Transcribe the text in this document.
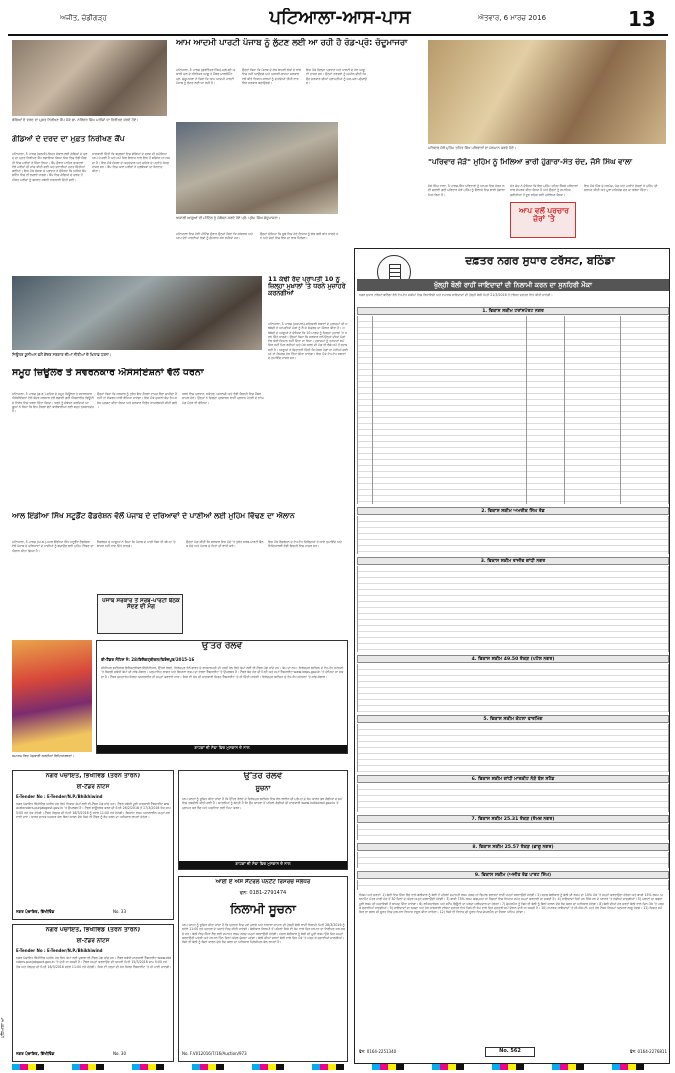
ਅਜੀਤ, ਚੰਡੀਗੜ੍ਹ	ਪਟਿਆਲਾ-ਆਸ-ਪਾਸ	ਐਤਵਾਰ, 6 ਮਾਰਚ 2016	13
ਗੋਡਿਆਂ ਦੇ ਦਰਦ ਦਾ ਮੁਫ਼ਤ ਨਿਰੀਖਣ ਕੈਂਪ ਮੌਕੇ ਡਾ. ਨਰਿੰਦਰ ਸਿੰਘ ਮਰੀਜ਼ਾਂ ਦਾ ਨਿਰੀਖਣ ਕਰਦੇ ਹੋਏ।
ਗੋਡਿਆਂ ਦੇ ਦਰਦ ਦਾ ਮੁਫ਼ਤ ਨਿਰੀਖਣ ਕੈਂਪ
ਪਟਿਆਲਾ, 5 ਮਾਰਚ (ਕਲਸੀ)-ਸਿਹਤ ਸੰਭਾਲ ਲਈ ਗੋਡਿਆਂ ਦੇ ਦਰਦ ਦਾ ਮੁਫ਼ਤ ਨਿਰੀਖਣ ਕੈਂਪ ਲਗਾਇਆ ਗਿਆ ਜਿਸ ਵਿਚ ਵੱਡੀ ਗਿਣਤੀ ਵਿਚ ਮਰੀਜ਼ਾਂ ਨੇ ਹਿੱਸਾ ਲਿਆ। ਕੈਂਪ ਦੌਰਾਨ ਮਾਹਿਰ ਡਾਕਟਰਾਂ ਵੱਲੋਂ ਮਰੀਜ਼ਾਂ ਦੀ ਜਾਂਚ ਕੀਤੀ ਗਈ ਅਤੇ ਦਵਾਈਆਂ ਮੁਫ਼ਤ ਦਿੱਤੀਆਂ ਗਈਆਂ। ਇਸ ਮੌਕੇ ਸੰਸਥਾ ਦੇ ਪ੍ਰਧਾਨ ਨੇ ਦੱਸਿਆ ਕਿ ਅਜਿਹੇ ਕੈਂਪ ਭਵਿੱਖ ਵਿਚ ਵੀ ਲਗਾਏ ਜਾਣਗੇ। ਕੈਂਪ ਵਿਚ ਗੋਡਿਆਂ ਦੇ ਦਰਦ ਤੋਂ ਪੀੜਤ ਮਰੀਜ਼ਾਂ ਨੂੰ ਕਸਰਤ ਸਬੰਧੀ ਜਾਣਕਾਰੀ ਦਿੱਤੀ ਗਈ।
ਜਾਣਕਾਰੀ ਦਿੱਤੀ ਕਿ ਬਜ਼ੁਰਗਾਂ ਵਿਚ ਗੋਡਿਆਂ ਦੇ ਦਰਦ ਦੀ ਸਮੱਸਿਆ ਆਮ ਹੋ ਗਈ ਹੈ ਅਤੇ ਸਮੇਂ ਸਿਰ ਇਲਾਜ ਨਾਲ ਇਸ ਤੋਂ ਬਚਿਆ ਜਾ ਸਕਦਾ ਹੈ। ਇਸ ਮੌਕੇ ਸੰਸਥਾ ਦੇ ਅਹੁਦੇਦਾਰ ਅਤੇ ਸ਼ਹਿਰ ਦੇ ਪਤਵੰਤੇ ਸੱਜਣ ਹਾਜ਼ਰ ਸਨ। ਕੈਂਪ ਵਿਚ ਆਏ ਮਰੀਜ਼ਾਂ ਨੇ ਪ੍ਰਬੰਧਕਾਂ ਦਾ ਧੰਨਵਾਦ ਕੀਤਾ।
ਆਮ ਆਦਮੀ ਪਾਰਟੀ ਪੰਜਾਬ ਨੂੰ ਲੁੱਟਣ ਲਈ ਆ ਰਹੀ ਹੈ ਰੋਡ-ਪ੍ਰੋ: ਚੰਦੂਮਾਜਰਾ
ਪਟਿਆਲਾ, 5 ਮਾਰਚ (ਗੁਰਵਿੰਦਰ ਸਿੰਘ)-ਸ਼੍ਰੋਮਣੀ ਅਕਾਲੀ ਦਲ ਦੇ ਸੀਨੀਅਰ ਆਗੂ ਤੇ ਮੈਂਬਰ ਪਾਰਲੀਮੈਂਟ ਪ੍ਰੋ. ਚੰਦੂਮਾਜਰਾ ਨੇ ਕਿਹਾ ਕਿ ਆਮ ਆਦਮੀ ਪਾਰਟੀ ਪੰਜਾਬ ਨੂੰ ਲੁੱਟਣ ਲਈ ਆ ਰਹੀ ਹੈ।
ਉਨ੍ਹਾਂ ਕਿਹਾ ਕਿ ਪੰਜਾਬ ਦੇ ਲੋਕ ਬਾਹਰੀ ਲੋਕਾਂ ਦੇ ਝਾਂਸੇ ਵਿਚ ਨਹੀਂ ਆਉਣਗੇ ਅਤੇ ਅਕਾਲੀ-ਭਾਜਪਾ ਸਰਕਾਰ ਵਲੋਂ ਕੀਤੇ ਵਿਕਾਸ ਕਾਰਜਾਂ ਨੂੰ ਦੇਖਦਿਆਂ ਤੀਜੀ ਵਾਰ ਫਿਰ ਸਰਕਾਰ ਬਣਾਉਣਗੇ।
ਇਸ ਮੌਕੇ ਜ਼ਿਲ੍ਹਾ ਪ੍ਰਧਾਨ ਅਤੇ ਪਾਰਟੀ ਦੇ ਹੋਰ ਆਗੂ ਵੀ ਹਾਜ਼ਰ ਸਨ। ਉਨ੍ਹਾਂ ਵਰਕਰਾਂ ਨੂੰ ਅਪੀਲ ਕੀਤੀ ਕਿ ਉਹ ਸਰਕਾਰ ਦੀਆਂ ਪ੍ਰਾਪਤੀਆਂ ਨੂੰ ਘਰ-ਘਰ ਪਹੁੰਚਾਉਣ।
ਅਕਾਲੀ ਆਗੂਆਂ ਦੀ ਮੀਟਿੰਗ ਨੂੰ ਸੰਬੋਧਨ ਕਰਦੇ ਹੋਏ ਪ੍ਰੋ. ਪ੍ਰੇਮ ਸਿੰਘ ਚੰਦੂਮਾਜਰਾ।
ਪਟਿਆਲਾ ਵਿਚ ਹੋਈ ਮੀਟਿੰਗ ਦੌਰਾਨ ਉਨ੍ਹਾਂ ਕਿਹਾ ਕਿ ਕਾਂਗਰਸ ਅਤੇ ਆਪ ਦੋਵੇਂ ਪਾਰਟੀਆਂ ਲੋਕਾਂ ਨੂੰ ਗੁੰਮਰਾਹ ਕਰ ਰਹੀਆਂ ਹਨ।
ਉਨ੍ਹਾਂ ਦੱਸਿਆ ਕਿ ਸੂਬੇ ਵਿਚ ਹੋਏ ਵਿਕਾਸ ਨੂੰ ਲੋਕ ਭਲੀ ਭਾਂਤ ਜਾਣਦੇ ਹਨ ਅਤੇ ਚੋਣਾਂ ਵਿਚ ਇਸ ਦਾ ਲਾਭ ਮਿਲੇਗਾ।
ਪਰਿਵਾਰ ਜੋੜੋ ਮੁਹਿੰਮ ਤਹਿਤ ਸਿੱਖ ਪਰਿਵਾਰਾਂ ਦਾ ਸਨਮਾਨ ਕਰਦੇ ਹੋਏ।
"ਪਰਿਵਾਰ ਜੋੜੋ" ਮੁਹਿੰਮ ਨੂੰ ਮਿਲਿਆ ਭਾਰੀ ਹੁੰਗਾਰਾ-ਸੰਤ ਚੰਦ, ਜੱਸੋ ਸਿੰਘ ਵਾਲਾ
ਜੱਸੋ ਸਿੰਘ ਵਾਲਾ, 5 ਮਾਰਚ-ਸਿੱਖ ਪਰਿਵਾਰਾਂ ਨੂੰ ਆਪਸ ਵਿਚ ਜੋੜਨ ਲਈ ਚਲਾਈ ਗਈ ਪਰਿਵਾਰ ਜੋੜੋ ਮੁਹਿੰਮ ਨੂੰ ਇਲਾਕੇ ਵਿਚ ਭਾਰੀ ਹੁੰਗਾਰਾ ਮਿਲ ਰਿਹਾ ਹੈ।
ਸੰਤ ਚੰਦ ਨੇ ਦੱਸਿਆ ਕਿ ਇਸ ਮੁਹਿੰਮ ਤਹਿਤ ਸੈਂਕੜੇ ਪਰਿਵਾਰਾਂ ਨਾਲ ਸੰਪਰਕ ਕੀਤਾ ਗਿਆ ਹੈ ਅਤੇ ਉਨ੍ਹਾਂ ਨੂੰ ਸਮਾਜਿਕ ਕੁਰੀਤੀਆਂ ਤੋਂ ਦੂਰ ਰਹਿਣ ਲਈ ਪ੍ਰੇਰਿਆ ਗਿਆ।
ਆਪ ਵਲੋਂ ਪ੍ਰਚਾਰ ਜ਼ੋਰਾਂ 'ਤੇ
ਇਸ ਮੌਕੇ ਪਿੰਡ ਦੇ ਸਰਪੰਚ, ਪੰਚ ਅਤੇ ਪਤਵੰਤੇ ਸੱਜਣਾਂ ਨੇ ਮੁਹਿੰਮ ਦੀ ਸ਼ਲਾਘਾ ਕੀਤੀ ਅਤੇ ਪੂਰਾ ਸਹਿਯੋਗ ਦੇਣ ਦਾ ਭਰੋਸਾ ਦਿੱਤਾ।
ਜ਼ਿਊਲਰ ਯੂਨੀਅਨ ਵਲੋਂ ਕੇਂਦਰ ਸਰਕਾਰ ਦੀਆਂ ਨੀਤੀਆਂ ਦੇ ਖਿਲਾਫ਼ ਧਰਨਾ।
11 ਕੰਢੀ ਰੱਦ ਪ੍ਰਾਪਤੀ 10 ਨੂੰ ਜ਼ਿਲ੍ਹਾ ਮੁਖ਼ਾਲਾਂ 'ਤੇ ਧਰਨੇ ਮੁਜ਼ਾਹਰੇ ਕਰਨਗੀਆਂ
ਪਟਿਆਲਾ, 5 ਮਾਰਚ (ਜਸਪਾਲ)-ਸਹਿਕਾਰੀ ਸਭਾਵਾਂ ਦੇ ਮੁਲਾਜ਼ਮਾਂ ਦੀ ਜਥੇਬੰਦੀ ਨੇ ਆਪਣੀਆਂ ਮੰਗਾਂ ਨੂੰ ਲੈ ਕੇ ਸੰਘਰਸ਼ ਦਾ ਐਲਾਨ ਕੀਤਾ ਹੈ। ਜਥੇਬੰਦੀ ਦੇ ਆਗੂਆਂ ਨੇ ਦੱਸਿਆ ਕਿ 10 ਮਾਰਚ ਨੂੰ ਜ਼ਿਲ੍ਹਾ ਮੁਖ਼ਾਲਾਂ 'ਤੇ ਧਰਨੇ ਦਿੱਤੇ ਜਾਣਗੇ। ਉਨ੍ਹਾਂ ਕਿਹਾ ਕਿ ਸਰਕਾਰ ਵਲੋਂ ਉਨ੍ਹਾਂ ਦੀਆਂ ਮੰਗਾਂ ਵੱਲ ਕੋਈ ਧਿਆਨ ਨਹੀਂ ਦਿੱਤਾ ਜਾ ਰਿਹਾ। ਮੁਲਾਜ਼ਮਾਂ ਨੂੰ ਤਨਖ਼ਾਹਾਂ ਸਮੇਂ ਸਿਰ ਨਹੀਂ ਮਿਲ ਰਹੀਆਂ ਅਤੇ ਪੱਕੇ ਕਰਨ ਦੀ ਮੰਗ ਵੀ ਲੰਬੇ ਸਮੇਂ ਤੋਂ ਲਟਕ ਰਹੀ ਹੈ। ਆਗੂਆਂ ਨੇ ਚਿਤਾਵਨੀ ਦਿੱਤੀ ਕਿ ਜੇਕਰ ਮੰਗਾਂ ਨਾ ਮੰਨੀਆਂ ਗਈਆਂ ਤਾਂ ਸੰਘਰਸ਼ ਹੋਰ ਤਿੱਖਾ ਕੀਤਾ ਜਾਵੇਗਾ। ਇਸ ਮੌਕੇ ਵੱਖ-ਵੱਖ ਸਭਾਵਾਂ ਦੇ ਨੁਮਾਇੰਦੇ ਹਾਜ਼ਰ ਸਨ।
ਸਮੂਹ ਜ਼ਿਊਲਰ ਤੇ ਸਵਰਨਕਾਰ ਐਸੋਸੀਏਸ਼ਨਾਂ ਵੱਲੋਂ ਧਰਨਾ
ਪਟਿਆਲਾ, 5 ਮਾਰਚ (ਗੁ.ਰ.)-ਸ਼ਹਿਰ ਦੇ ਸਮੂਹ ਜ਼ਿਊਲਰ ਤੇ ਸਵਰਨਕਾਰ ਐਸੋਸੀਏਸ਼ਨਾਂ ਵੱਲੋਂ ਕੇਂਦਰ ਸਰਕਾਰ ਵਲੋਂ ਲਗਾਈ ਗਈ ਐਕਸਾਈਜ਼ ਡਿਊਟੀ ਦੇ ਵਿਰੋਧ ਵਿਚ ਧਰਨਾ ਦਿੱਤਾ ਗਿਆ। ਧਰਨੇ ਨੂੰ ਸੰਬੋਧਨ ਕਰਦਿਆਂ ਆਗੂਆਂ ਨੇ ਕਿਹਾ ਕਿ ਇਹ ਫ਼ੈਸਲਾ ਛੋਟੇ ਕਾਰੋਬਾਰੀਆਂ ਲਈ ਬਹੁਤ ਨੁਕਸਾਨਦੇਹ ਹੈ।
ਉਨ੍ਹਾਂ ਕਿਹਾ ਕਿ ਸਰਕਾਰ ਨੂੰ ਤੁਰੰਤ ਇਹ ਫ਼ੈਸਲਾ ਵਾਪਸ ਲੈਣਾ ਚਾਹੀਦਾ ਹੈ ਨਹੀਂ ਤਾਂ ਸੰਘਰਸ਼ ਜਾਰੀ ਰੱਖਿਆ ਜਾਵੇਗਾ। ਇਸ ਮੌਕੇ ਦੁਕਾਨਾਂ ਬੰਦ ਰੱਖ ਕੇ ਰੋਸ ਪ੍ਰਗਟ ਕੀਤਾ ਗਿਆ ਅਤੇ ਸਰਕਾਰ ਵਿਰੁੱਧ ਨਾਅਰੇਬਾਜ਼ੀ ਕੀਤੀ ਗਈ।
ਧਰਨੇ ਵਿਚ ਪ੍ਰਧਾਨ, ਸਕੱਤਰ, ਖ਼ਜ਼ਾਨਚੀ ਅਤੇ ਵੱਡੀ ਗਿਣਤੀ ਵਿਚ ਮੈਂਬਰ ਸ਼ਾਮਲ ਹੋਏ। ਉਨ੍ਹਾਂ ਨੇ ਜ਼ਿਲ੍ਹਾ ਪ੍ਰਸ਼ਾਸਨ ਰਾਹੀਂ ਪ੍ਰਧਾਨ ਮੰਤਰੀ ਦੇ ਨਾਂਅ ਮੰਗ ਪੱਤਰ ਵੀ ਭੇਜਿਆ।
ਆਲ ਇੰਡੀਆ ਸਿੱਖ ਸਟੂਡੈਂਟ ਫੈਡਰੇਸ਼ਨ ਵੱਲੋਂ ਪੰਜਾਬ ਦੇ ਦਰਿਆਵਾਂ ਦੇ ਪਾਣੀਆਂ ਲਈ ਮੁਹਿੰਮ ਵਿੱਢਣ ਦਾ ਐਲਾਨ
ਪਟਿਆਲਾ, 5 ਮਾਰਚ (ਅ.ਬ.)-ਆਲ ਇੰਡੀਆ ਸਿੱਖ ਸਟੂਡੈਂਟ ਫੈਡਰੇਸ਼ਨ ਵੱਲੋਂ ਪੰਜਾਬ ਦੇ ਦਰਿਆਵਾਂ ਦੇ ਪਾਣੀਆਂ ਨੂੰ ਬਚਾਉਣ ਲਈ ਮੁਹਿੰਮ ਵਿੱਢਣ ਦਾ ਐਲਾਨ ਕੀਤਾ ਗਿਆ ਹੈ।
ਫੈਡਰੇਸ਼ਨ ਦੇ ਆਗੂਆਂ ਨੇ ਕਿਹਾ ਕਿ ਪੰਜਾਬ ਦੇ ਪਾਣੀ ਕਿਸੇ ਵੀ ਕੀਮਤ 'ਤੇ ਬਾਹਰ ਨਹੀਂ ਜਾਣ ਦਿੱਤੇ ਜਾਣਗੇ।
ਪੰਜਾਬ ਸਰਕਾਰ ਤੋਂ ਸਰਬ-ਪਾਰਟੀ ਬੈਠਕ ਸੱਦਣ ਦੀ ਮੰਗ
ਉਨ੍ਹਾਂ ਮੰਗ ਕੀਤੀ ਕਿ ਸਰਕਾਰ ਇਸ ਮੁੱਦੇ 'ਤੇ ਤੁਰੰਤ ਸਰਬ-ਪਾਰਟੀ ਬੈਠਕ ਸੱਦੇ ਅਤੇ ਪੰਜਾਬ ਦੇ ਹਿਤਾਂ ਦੀ ਰਾਖੀ ਕਰੇ।
ਇਸ ਮੌਕੇ ਫੈਡਰੇਸ਼ਨ ਦੇ ਵੱਖ-ਵੱਖ ਜ਼ਿਲ੍ਹਿਆਂ ਤੋਂ ਆਏ ਨੁਮਾਇੰਦੇ ਅਤੇ ਵਿਦਿਆਰਥੀ ਵੱਡੀ ਗਿਣਤੀ ਵਿਚ ਹਾਜ਼ਰ ਸਨ।
ਸਮਾਗਮ ਵਿਚ ਪੇਸ਼ਕਾਰੀ ਕਰਦੀਆਂ ਵਿਦਿਆਰਥਣਾਂ।
ਉੱਤਰ ਰੇਲਵੇ
ਈ-ਟੈਂਡਰ ਨੋਟਿਸ ਨੰ: 28/ਇਲੈਕਟ੍ਰੀਕਲ/ਫਿਰੋਜ਼ਪੁਰ/2015-16
ਸੀਨੀਅਰ ਡਵੀਜ਼ਨਲ ਇਲੈਕਟ੍ਰੀਕਲ ਇੰਜੀਨੀਅਰ, ਉੱਤਰ ਰੇਲਵੇ, ਫਿਰੋਜ਼ਪੁਰ ਵੱਲੋਂ ਭਾਰਤ ਦੇ ਰਾਸ਼ਟਰਪਤੀ ਦੀ ਤਰਫ਼ੋਂ ਹੇਠ ਲਿਖੇ ਕੰਮਾਂ ਲਈ ਈ-ਟੈਂਡਰ ਮੰਗੇ ਜਾਂਦੇ ਹਨ। ਕੰਮ ਦਾ ਨਾਮ: ਫਿਰੋਜ਼ਪੁਰ ਡਵੀਜ਼ਨ ਦੇ ਵੱਖ-ਵੱਖ ਸਟੇਸ਼ਨਾਂ 'ਤੇ ਬਿਜਲੀ ਸਬੰਧੀ ਕੰਮਾਂ ਦੀ ਸਾਂਭ-ਸੰਭਾਲ। ਅਨੁਮਾਨਿਤ ਲਾਗਤ ਅਤੇ ਬਿਆਨਾ ਰਕਮ ਦਾ ਵੇਰਵਾ ਵੈੱਬਸਾਈਟ 'ਤੇ ਉਪਲਬਧ ਹੈ। ਟੈਂਡਰ ਬੰਦ ਹੋਣ ਦੀ ਮਿਤੀ ਅਤੇ ਸਮਾਂ ਵੈੱਬਸਾਈਟ www.ireps.gov.in 'ਤੇ ਦੇਖਿਆ ਜਾ ਸਕਦਾ ਹੈ। ਟੈਂਡਰ ਦਸਤਾਵੇਜ਼ ਸਿਰਫ਼ ਆਨਲਾਈਨ ਹੀ ਜਮ੍ਹਾਂ ਕਰਵਾਏ ਜਾਣ। ਕਿਸੇ ਵੀ ਸੋਧ ਦੀ ਜਾਣਕਾਰੀ ਸਿਰਫ਼ ਵੈੱਬਸਾਈਟ 'ਤੇ ਹੀ ਦਿੱਤੀ ਜਾਵੇਗੀ। ਫਿਰੋਜ਼ਪੁਰ ਡਵੀਜ਼ਨ ਦੇ ਵੱਖ-ਵੱਖ ਸਟੇਸ਼ਨਾਂ 'ਤੇ ਸਾਂਭ-ਸੰਭਾਲ।
ਗਾਹਕਾਂ ਦੀ ਸੇਵਾ ਵਿਚ ਮੁਸਕਾਨ ਦੇ ਨਾਲ
ਉੱਤਰ ਰੇਲਵੇ
ਸੂਚਨਾ
ਆਮ ਜਨਤਾ ਨੂੰ ਸੂਚਿਤ ਕੀਤਾ ਜਾਂਦਾ ਹੈ ਕਿ ਉੱਤਰ ਰੇਲਵੇ ਦੇ ਫਿਰੋਜ਼ਪੁਰ ਡਵੀਜ਼ਨ ਵਿਚ ਰੇਲ ਲਾਈਨ ਦੀ ਮੁਰੰਮਤ ਦੇ ਕੰਮ ਕਾਰਨ ਕੁਝ ਗੱਡੀਆਂ ਦੇ ਸਮੇਂ ਵਿਚ ਤਬਦੀਲੀ ਕੀਤੀ ਗਈ ਹੈ। ਯਾਤਰੀਆਂ ਨੂੰ ਬੇਨਤੀ ਹੈ ਕਿ ਉਹ ਯਾਤਰਾ ਤੋਂ ਪਹਿਲਾਂ ਗੱਡੀਆਂ ਦੀ ਜਾਣਕਾਰੀ www.indianrail.gov.in ਤੋਂ ਪ੍ਰਾਪਤ ਕਰ ਲੈਣ ਅਤੇ ਅਸੁਵਿਧਾ ਲਈ ਖਿਮਾ ਕਰਨ।
ਗਾਹਕਾਂ ਦੀ ਸੇਵਾ ਵਿਚ ਮੁਸਕਾਨ ਦੇ ਨਾਲ
ਨਗਰ ਪੰਚਾਇਤ, ਭਿੱਖੀਵਿੰਡ (ਤਰਨ ਤਾਰਨ)
ਈ-ਟੈਂਡਰ ਨੋਟਿਸ
E-Tender No : E-Tender/N.P./Bhikhiwind
ਨਗਰ ਪੰਚਾਇਤ ਭਿੱਖੀਵਿੰਡ ਅਧੀਨ ਹੇਠ ਲਿਖੇ ਵਿਕਾਸ ਕੰਮਾਂ ਲਈ ਈ-ਟੈਂਡਰ ਮੰਗੇ ਜਾਂਦੇ ਹਨ। ਟੈਂਡਰ ਸਬੰਧੀ ਪੂਰੀ ਜਾਣਕਾਰੀ ਵੈੱਬਸਾਈਟ www.etenders.punjabgovt.gov.in 'ਤੇ ਉਪਲਬਧ ਹੈ। ਟੈਂਡਰ ਡਾਊਨਲੋਡ ਕਰਨ ਦੀ ਮਿਤੀ 26/2/2016 ਤੋਂ 17/3/2016 ਤੱਕ ਸ਼ਾਮ 5:00 ਵਜੇ ਤੱਕ ਹੋਵੇਗੀ। ਟੈਂਡਰ ਖੋਲ੍ਹਣ ਦੀ ਮਿਤੀ 18/3/2016 ਨੂੰ ਸਵੇਰੇ 11:00 ਵਜੇ ਹੋਵੇਗੀ। ਬਿਆਨਾ ਰਕਮ ਆਨਲਾਈਨ ਜਮ੍ਹਾਂ ਕਰਵਾਈ ਜਾਵੇ। ਕਾਰਜ ਸਾਧਕ ਅਫ਼ਸਰ ਕੋਲ ਬਿਨਾਂ ਕਾਰਨ ਦੱਸੇ ਕਿਸੇ ਵੀ ਟੈਂਡਰ ਨੂੰ ਰੱਦ ਕਰਨ ਦਾ ਅਧਿਕਾਰ ਰਾਖਵਾਂ ਹੋਵੇਗਾ।
ਨਗਰ ਪੰਚਾਇਤ, ਭਿੱਖੀਵਿੰਡ	No. 33
ਨਗਰ ਪੰਚਾਇਤ, ਭਿੱਖੀਵਿੰਡ (ਤਰਨ ਤਾਰਨ)
ਈ-ਟੈਂਡਰ ਨੋਟਿਸ
E-Tender No : E-Tender/N.P./Bhikhiwind
ਨਗਰ ਪੰਚਾਇਤ ਭਿੱਖੀਵਿੰਡ ਅਧੀਨ ਹੇਠ ਲਿਖੇ ਕੰਮਾਂ ਲਈ ਦੁਬਾਰਾ ਈ-ਟੈਂਡਰ ਮੰਗੇ ਜਾਂਦੇ ਹਨ। ਟੈਂਡਰ ਸਬੰਧੀ ਜਾਣਕਾਰੀ ਵੈੱਬਸਾਈਟ www.etenders.punjabgovt.gov.in 'ਤੇ ਦੇਖੀ ਜਾ ਸਕਦੀ ਹੈ। ਟੈਂਡਰ ਜਮ੍ਹਾਂ ਕਰਵਾਉਣ ਦੀ ਆਖਰੀ ਮਿਤੀ 15/3/2016 ਸ਼ਾਮ 5:00 ਵਜੇ ਤੱਕ ਅਤੇ ਖੋਲ੍ਹਣ ਦੀ ਮਿਤੀ 16/3/2016 ਸਵੇਰੇ 11:00 ਵਜੇ ਹੋਵੇਗੀ। ਕਿਸੇ ਵੀ ਤਰ੍ਹਾਂ ਦੀ ਸੋਧ ਸਿਰਫ਼ ਵੈੱਬਸਾਈਟ 'ਤੇ ਹੀ ਪਾਈ ਜਾਵੇਗੀ।
ਨਗਰ ਪੰਚਾਇਤ, ਭਿੱਖੀਵਿੰਡ	No. 30
ਆਈ ਏ ਐਸ ਸੈਂਟਰਲ ਪੈਨਟੈਂਟ ਰਿਸਰਚ ਜਲੰਧਰ
ਫੋਨ: 0181-2791474
ਨਿਲਾਮੀ ਸੂਚਨਾ
ਆਮ ਜਨਤਾ ਨੂੰ ਸੂਚਿਤ ਕੀਤਾ ਜਾਂਦਾ ਹੈ ਕਿ ਦਫ਼ਤਰ ਵਿਚ ਪਏ ਪੁਰਾਣੇ ਅਤੇ ਨਾਕਾਰਾ ਸਾਮਾਨ ਦੀ ਖੁੱਲ੍ਹੀ ਬੋਲੀ ਰਾਹੀਂ ਨਿਲਾਮੀ ਮਿਤੀ 28/3/2016 ਨੂੰ ਸਵੇਰੇ 11:00 ਵਜੇ ਦਫ਼ਤਰ ਦੇ ਅਹਾਤੇ ਵਿਚ ਕੀਤੀ ਜਾਵੇਗੀ। ਬੋਲੀਕਾਰ ਨਿਲਾਮੀ ਤੋਂ ਪਹਿਲਾਂ ਕਿਸੇ ਵੀ ਕੰਮ ਵਾਲੇ ਦਿਨ ਸਾਮਾਨ ਦਾ ਨਿਰੀਖਣ ਕਰ ਸਕਦੇ ਹਨ। ਬੋਲੀ ਵਿਚ ਹਿੱਸਾ ਲੈਣ ਲਈ ਜ਼ਮਾਨਤ ਰਕਮ ਨਗਦ ਜਮ੍ਹਾਂ ਕਰਵਾਉਣੀ ਹੋਵੇਗੀ। ਸਫ਼ਲ ਬੋਲੀਕਾਰ ਨੂੰ ਬੋਲੀ ਦੀ ਪੂਰੀ ਰਕਮ ਉਸੇ ਦਿਨ ਜਮ੍ਹਾਂ ਕਰਵਾਉਣੀ ਪਵੇਗੀ ਅਤੇ ਸਾਮਾਨ ਤਿੰਨ ਦਿਨਾਂ ਅੰਦਰ ਚੁੱਕਣਾ ਪਵੇਗਾ। ਬੋਲੀ ਦੀਆਂ ਸ਼ਰਤਾਂ ਬੋਲੀ ਵਾਲੇ ਦਿਨ ਮੌਕੇ 'ਤੇ ਪੜ੍ਹ ਕੇ ਸੁਣਾਈਆਂ ਜਾਣਗੀਆਂ। ਕਿਸੇ ਵੀ ਬੋਲੀ ਨੂੰ ਬਿਨਾਂ ਕਾਰਨ ਦੱਸੇ ਰੱਦ ਕਰਨ ਦਾ ਅਧਿਕਾਰ ਪ੍ਰਿੰਸੀਪਲ ਕੋਲ ਰਾਖਵਾਂ ਹੈ।
No. F.VI/12016/7/16/Auction/973
ਦਫ਼ਤਰ ਨਗਰ ਸੁਧਾਰ ਟਰੱਸਟ, ਬਠਿੰਡਾ
ਖੁੱਲ੍ਹੀ ਬੋਲੀ ਰਾਹੀਂ ਜਾਇਦਾਦਾਂ ਦੀ ਨਿਲਾਮੀ ਕਰਨ ਦਾ ਸੁਨਹਿਰੀ ਮੌਕਾ
ਨਗਰ ਸੁਧਾਰ ਟਰੱਸਟ ਬਠਿੰਡਾ ਵੱਲੋਂ ਵੱਖ-ਵੱਖ ਸਕੀਮਾਂ ਵਿਚ ਰਿਹਾਇਸ਼ੀ ਅਤੇ ਵਪਾਰਕ ਜਾਇਦਾਦਾਂ ਦੀ ਖੁੱਲ੍ਹੀ ਬੋਲੀ ਮਿਤੀ 21/3/2016 ਤੋਂ ਟਰੱਸਟ ਦਫ਼ਤਰ ਵਿਖੇ ਕੀਤੀ ਜਾਵੇਗੀ।
1. ਵਿਕਾਸ ਸਕੀਮ ਟਰਾਂਸਪੋਰਟ ਨਗਰ
2. ਵਿਕਾਸ ਸਕੀਮ ਅਮਰੀਕ ਸਿੰਘ ਰੋਡ
3. ਵਿਕਾਸ ਸਕੀਮ ਰਾਜੀਵ ਗਾਂਧੀ ਨਗਰ
4. ਵਿਕਾਸ ਸਕੀਮ 49.50 ਏਕੜ (ਪਟੇਲ ਨਗਰ)
5. ਵਿਕਾਸ ਸਕੀਮ ਕੋਟਲਾ ਫਾਰਮਿੰਗ
6. ਵਿਕਾਸ ਸਕੀਮ ਗਾਂਧੀ ਮਾਰਕੀਟ ਨੇੜੇ ਬੱਸ ਸਟੈਂਡ
7. ਵਿਕਾਸ ਸਕੀਮ 25.31 ਏਕੜ (ਏਮਜ਼ ਨਗਰ)
8. ਵਿਕਾਸ ਸਕੀਮ 25.57 ਏਕੜ (ਭਾਗੂ ਨਗਰ)
9. ਵਿਕਾਸ ਸਕੀਮ (ਅਜੀਤ ਰੋਡ ਪਾਰਟ ਸਿੰਘ)
ਨਿਯਮ ਅਤੇ ਸ਼ਰਤਾਂ: 1) ਬੋਲੀ ਵਿਚ ਹਿੱਸਾ ਲੈਣ ਵਾਲੇ ਬੋਲੀਕਾਰ ਨੂੰ ਬੋਲੀ ਤੋਂ ਪਹਿਲਾਂ ਜ਼ਮਾਨਤੀ ਰਕਮ ਨਗਦ ਜਾਂ ਡਿਮਾਂਡ ਡਰਾਫਟ ਰਾਹੀਂ ਜਮ੍ਹਾਂ ਕਰਵਾਉਣੀ ਹੋਵੇਗੀ। 2) ਸਫ਼ਲ ਬੋਲੀਕਾਰ ਨੂੰ ਬੋਲੀ ਦੀ ਰਕਮ ਦਾ 10% ਮੌਕੇ 'ਤੇ ਜਮ੍ਹਾਂ ਕਰਵਾਉਣਾ ਹੋਵੇਗਾ ਅਤੇ ਬਾਕੀ 15% ਰਕਮ ਅਲਾਟਮੈਂਟ ਪੱਤਰ ਜਾਰੀ ਹੋਣ ਤੋਂ 30 ਦਿਨਾਂ ਦੇ ਅੰਦਰ ਜਮ੍ਹਾਂ ਕਰਵਾਉਣੀ ਹੋਵੇਗੀ। 3) ਬਾਕੀ 75% ਰਕਮ ਯਕਮੁਸ਼ਤ ਜਾਂ ਕਿਸ਼ਤਾਂ ਵਿਚ ਵਿਆਜ ਸਮੇਤ ਜਮ੍ਹਾਂ ਕਰਵਾਈ ਜਾ ਸਕਦੀ ਹੈ। 4) ਜਾਇਦਾਦਾਂ ਜਿਵੇਂ ਹਨ ਜਿੱਥੇ ਹਨ ਦੇ ਆਧਾਰ 'ਤੇ ਵੇਚੀਆਂ ਜਾਣਗੀਆਂ। 5) ਪਲਾਟਾਂ ਦਾ ਕਬਜ਼ਾ ਪੂਰੀ ਰਕਮ ਦੀ ਅਦਾਇਗੀ ਤੋਂ ਬਾਅਦ ਦਿੱਤਾ ਜਾਵੇਗਾ। 6) ਰਜਿਸਟਰੇਸ਼ਨ ਅਤੇ ਸਟੈਂਪ ਡਿਊਟੀ ਦਾ ਖ਼ਰਚਾ ਖ਼ਰੀਦਦਾਰ ਦਾ ਹੋਵੇਗਾ। 7) ਚੇਅਰਮੈਨ ਨੂੰ ਕਿਸੇ ਵੀ ਬੋਲੀ ਨੂੰ ਬਿਨਾਂ ਕਾਰਨ ਦੱਸੇ ਰੱਦ ਕਰਨ ਦਾ ਅਧਿਕਾਰ ਹੋਵੇਗਾ। 8) ਬੋਲੀ ਦੀਆਂ ਹੋਰ ਸ਼ਰਤਾਂ ਬੋਲੀ ਵਾਲੇ ਦਿਨ ਮੌਕੇ 'ਤੇ ਪੜ੍ਹ ਕੇ ਸੁਣਾਈਆਂ ਜਾਣਗੀਆਂ। 9) ਜਾਇਦਾਦਾਂ ਦਾ ਨਕਸ਼ਾ ਅਤੇ ਹੋਰ ਜਾਣਕਾਰੀ ਟਰੱਸਟ ਦਫ਼ਤਰ ਵਿਖੇ ਕਿਸੇ ਵੀ ਕੰਮ ਵਾਲੇ ਦਿਨ ਦਫ਼ਤਰੀ ਸਮੇਂ ਦੌਰਾਨ ਦੇਖੀ ਜਾ ਸਕਦੀ ਹੈ। 10) ਵਪਾਰਕ ਜਾਇਦਾਦਾਂ 'ਤੇ ਜੀ.ਐਸ.ਟੀ. ਅਤੇ ਹੋਰ ਟੈਕਸ ਨਿਯਮਾਂ ਅਨੁਸਾਰ ਲਾਗੂ ਹੋਣਗੇ। 11) ਕਿਸ਼ਤ ਸਮੇਂ ਸਿਰ ਨਾ ਭਰਨ ਦੀ ਸੂਰਤ ਵਿਚ ਜੁਰਮਾਨਾ ਵਿਆਜ ਵਸੂਲ ਕੀਤਾ ਜਾਵੇਗਾ। 12) ਕਿਸੇ ਵੀ ਵਿਵਾਦ ਦੀ ਸੂਰਤ ਵਿਚ ਚੇਅਰਮੈਨ ਦਾ ਫ਼ੈਸਲਾ ਅੰਤਿਮ ਹੋਵੇਗਾ।
ਫੋਨ: 0164-2251340	No. 562	ਫੋਨ: 0164-2276811
ਪਟਿਆਲਾ ਆ
